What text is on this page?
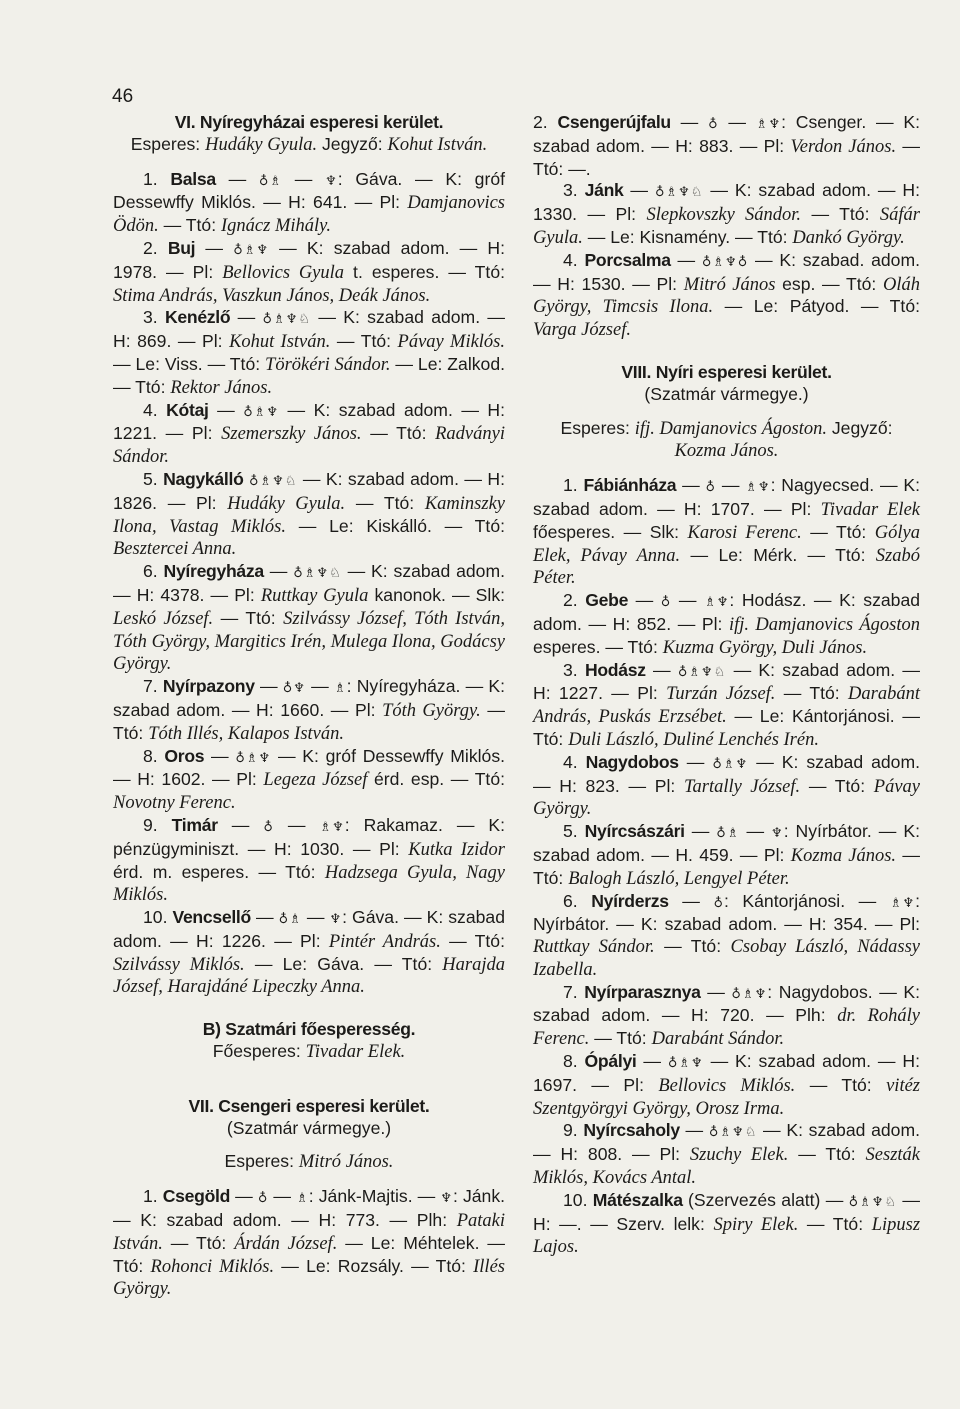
46

VI. Nyíregyházai esperesi kerület.

Esperes: Hudáky Gyula. Jegyző: Kohut István.

1. Balsa — ♁♗ — ♆: Gáva. — K: gróf Dessewffy Miklós. — H: 641. — Pl: Damjanovics Ödön. — Ttó: Ignácz Mihály.

2. Buj — ♁♗♆ — K: szabad adom. — H: 1978. — Pl: Bellovics Gyula t. esperes. — Ttó: Stima András, Vaszkun János, Deák János.

3. Kenézlő — ♁♗♆♘ — K: szabad adom. — H: 869. — Pl: Kohut István. — Ttó: Pávay Miklós. — Le: Viss. — Ttó: Törökéri Sándor. — Le: Zalkod. — Ttó: Rektor János.

4. Kótaj — ♁♗♆ — K: szabad adom. — H: 1221. — Pl: Szemerszky János. — Ttó: Radványi Sándor.

5. Nagykálló ♁♗♆♘ — K: szabad adom. — H: 1826. — Pl: Hudáky Gyula. — Ttó: Kaminszky Ilona, Vastag Miklós. — Le: Kiskálló. — Ttó: Besztercei Anna.

6. Nyíregyháza — ♁♗♆♘ — K: szabad adom. — H: 4378. — Pl: Ruttkay Gyula kanonok. — Slk: Leskó József. — Ttó: Szilvássy József, Tóth István, Tóth György, Margitics Irén, Mulega Ilona, Godácsy György.

7. Nyírpazony — ♁♆ — ♗: Nyíregyháza. — K: szabad adom. — H: 1660. — Pl: Tóth György. — Ttó: Tóth Illés, Kalapos István.

8. Oros — ♁♗♆ — K: gróf Dessewffy Miklós. — H: 1602. — Pl: Legeza József érd. esp. — Ttó: Novotny Ferenc.

9. Timár — ♁ — ♗♆: Rakamaz. — K: pénzügyminiszt. — H: 1030. — Pl: Kutka Izidor érd. m. esperes. — Ttó: Hadzsega Gyula, Nagy Miklós.

10. Vencsellő — ♁♗ — ♆: Gáva. — K: szabad adom. — H: 1226. — Pl: Pintér András. — Ttó: Szilvássy Miklós. — Le: Gáva. — Ttó: Harajda József, Harajdáné Lipeczky Anna.

B) Szatmári főesperesség.

Főesperes: Tivadar Elek.

VII. Csengeri esperesi kerület.

(Szatmár vármegye.)

Esperes: Mitró János.

1. Csegöld — ♁ — ♗: Jánk-Majtis. — ♆: Jánk. — K: szabad adom. — H: 773. — Plh: Pataki István. — Ttó: Árdán József. — Le: Méhtelek. — Ttó: Rohonci Miklós. — Le: Rozsály. — Ttó: Illés György.

2. Csengerújfalu — ♁ — ♗♆: Csenger. — K: szabad adom. — H: 883. — Pl: Verdon János. — Ttó: —.

3. Jánk — ♁♗♆♘ — K: szabad adom. — H: 1330. — Pl: Slepkovszky Sándor. — Ttó: Sáfár Gyula. — Le: Kisnamény. — Ttó: Dankó György.

4. Porcsalma — ♁♗♆♁ — K: szabad. adom. — H: 1530. — Pl: Mitró János esp. — Ttó: Oláh György, Timcsis Ilona. — Le: Pátyod. — Ttó: Varga József.

VIII. Nyíri esperesi kerület.

(Szatmár vármegye.)

Esperes: ifj. Damjanovics Ágoston. Jegyző: Kozma János.

1. Fábiánháza — ♁ — ♗♆: Nagyecsed. — K: szabad adom. — H: 1707. — Pl: Tivadar Elek főesperes. — Slk: Karosi Ferenc. — Ttó: Gólya Elek, Pávay Anna. — Le: Mérk. — Ttó: Szabó Péter.

2. Gebe — ♁ — ♗♆: Hodász. — K: szabad adom. — H: 852. — Pl: ifj. Damjanovics Ágoston esperes. — Ttó: Kuzma György, Duli János.

3. Hodász — ♁♗♆♘ — K: szabad adom. — H: 1227. — Pl: Turzán József. — Ttó: Darabánt András, Puskás Erzsébet. — Le: Kántorjánosi. — Ttó: Duli László, Duliné Lenchés Irén.

4. Nagydobos — ♁♗♆ — K: szabad adom. — H: 823. — Pl: Tartally József. — Ttó: Pávay György.

5. Nyírcsászári — ♁♗ — ♆: Nyírbátor. — K: szabad adom. — H. 459. — Pl: Kozma János. — Ttó: Balogh László, Lengyel Péter.

6. Nyírderzs — ♁: Kántorjánosi. — ♗♆: Nyírbátor. — K: szabad adom. — H: 354. — Pl: Ruttkay Sándor. — Ttó: Csobay László, Nádassy Izabella.

7. Nyírparasznya — ♁♗♆: Nagydobos. — K: szabad adom. — H: 720. — Plh: dr. Rohály Ferenc. — Ttó: Darabánt Sándor.

8. Ópályi — ♁♗♆ — K: szabad adom. — H: 1697. — Pl: Bellovics Miklós. — Ttó: vitéz Szentgyörgyi György, Orosz Irma.

9. Nyírcsaholy — ♁♗♆♘ — K: szabad adom. — H: 808. — Pl: Szuchy Elek. — Ttó: Seszták Miklós, Kovács Antal.

10. Mátészalka (Szervezés alatt) — ♁♗♆♘ — H: —. — Szerv. lelk: Spiry Elek. — Ttó: Lipusz Lajos.
